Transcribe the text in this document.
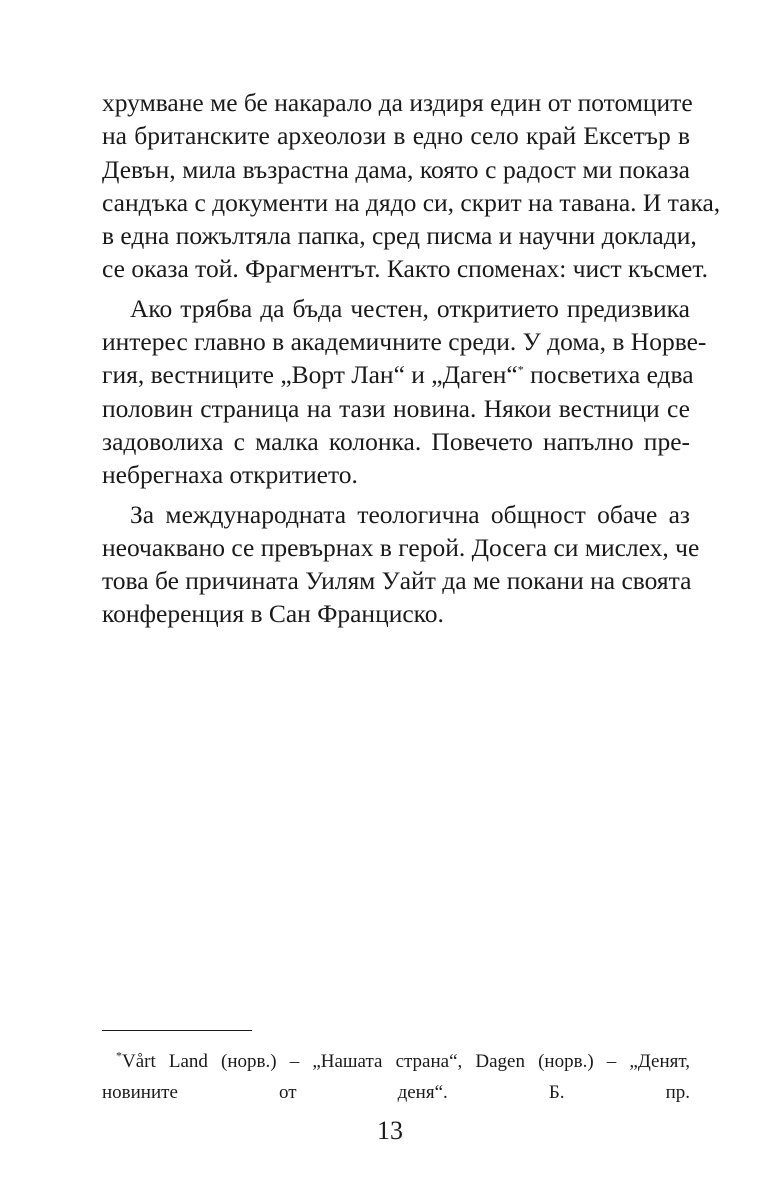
хрумване ме бе накарало да издиря един от потомците
на британските археолози в едно село край Ексетър в
Девън, мила възрастна дама, която с радост ми показа
сандъка с документи на дядо си, скрит на тавана. И така,
в една пожълтяла папка, сред писма и научни доклади,
се оказа той. Фрагментът. Както споменах: чист късмет.

Ако трябва да бъда честен, откритието предизвика
интерес главно в академичните среди. У дома, в Норве-
гия, вестниците „Ворт Лан“ и „Даген“* посветиха едва
половин страница на тази новина. Някои вестници се
задоволиха с малка колонка. Повечето напълно пре-
небрегнаха откритието.

За международната теологична общност обаче аз
неочаквано се превърнах в герой. Досега си мислех, че
това бе причината Уилям Уайт да ме покани на своята
конференция в Сан Франциско.

*Vårt Land (норв.) – „Нашата страна“, Dagen (норв.) – „Денят,
новините от деня“. Б. пр.
13
